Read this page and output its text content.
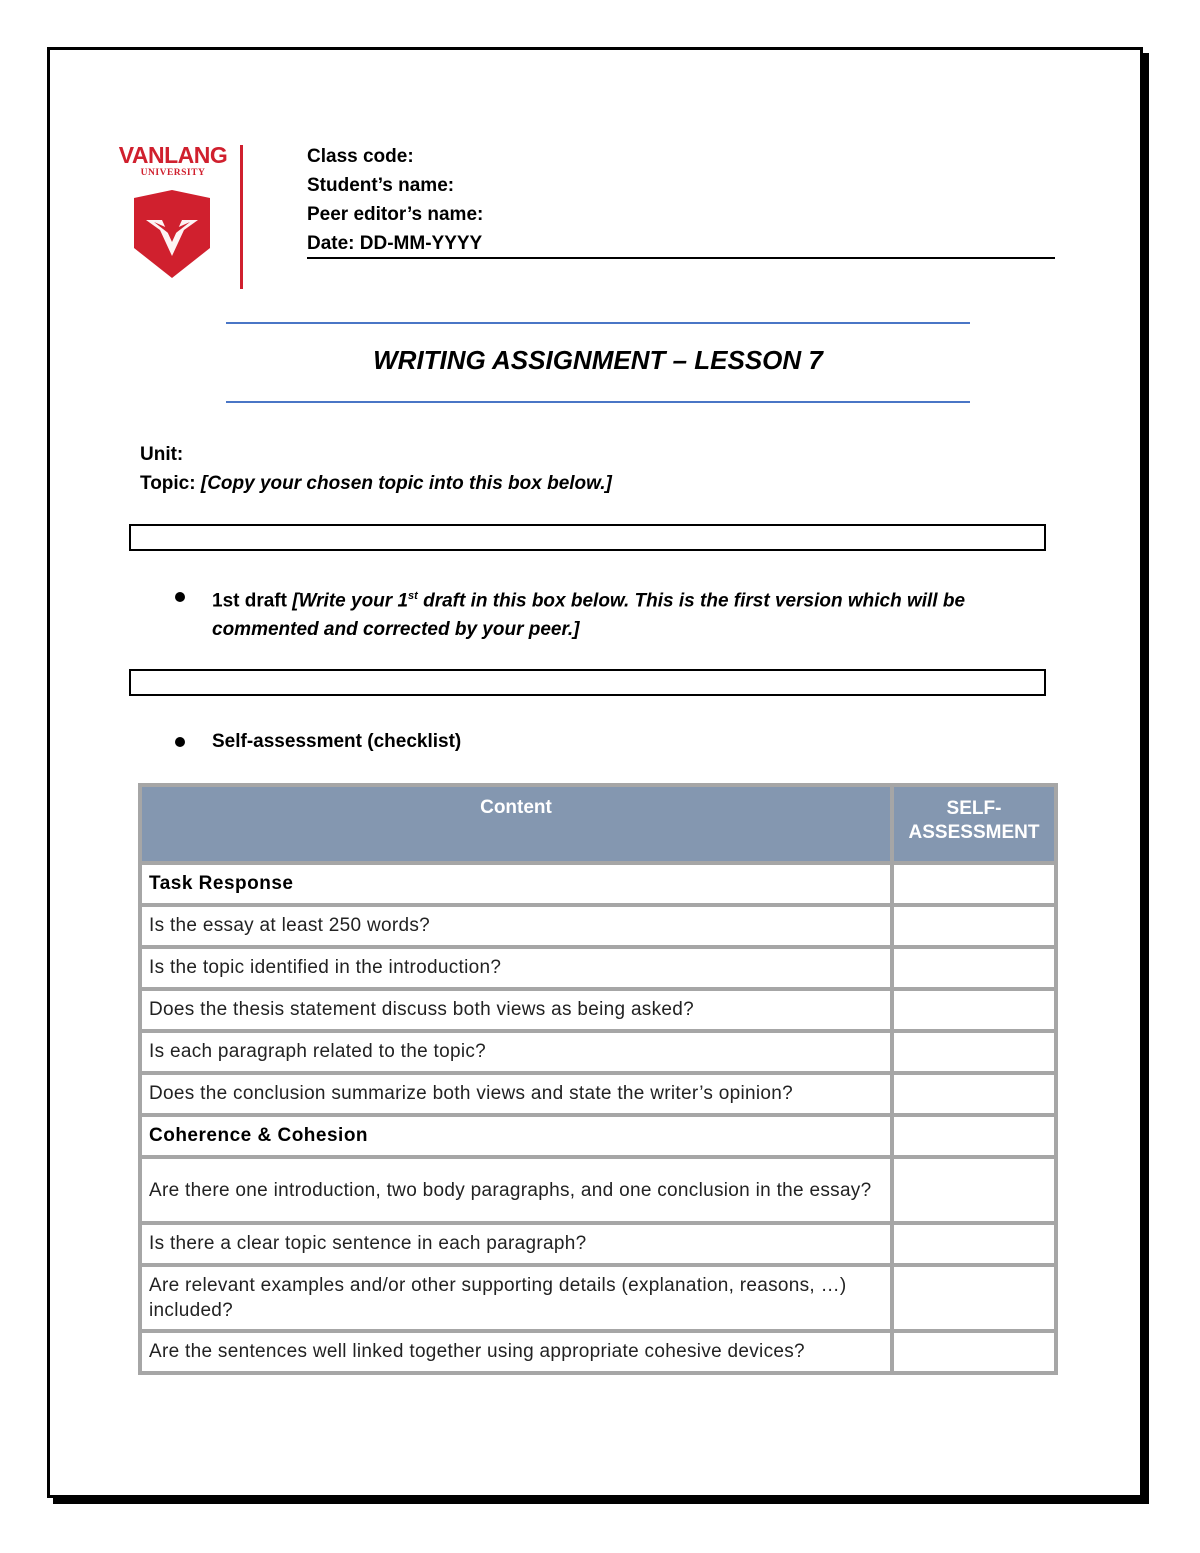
VANLANG
UNIVERSITY
Class code:
Student’s name:
Peer editor’s name:
Date: DD-MM-YYYY
WRITING ASSIGNMENT – LESSON 7
Unit:
Topic: [Copy your chosen topic into this box below.]
1st draft [Write your 1st draft in this box below. This is the first version which will be commented and corrected by your peer.]
Self-assessment (checklist)
Content	SELF-ASSESSMENT
Task Response	
Is the essay at least 250 words?	
Is the topic identified in the introduction?	
Does the thesis statement discuss both views as being asked?	
Is each paragraph related to the topic?	
Does the conclusion summarize both views and state the writer’s opinion?	
Coherence & Cohesion	
Are there one introduction, two body paragraphs, and one conclusion in the essay?	
Is there a clear topic sentence in each paragraph?	
Are relevant examples and/or other supporting details (explanation, reasons, …) included?	
Are the sentences well linked together using appropriate cohesive devices?	
